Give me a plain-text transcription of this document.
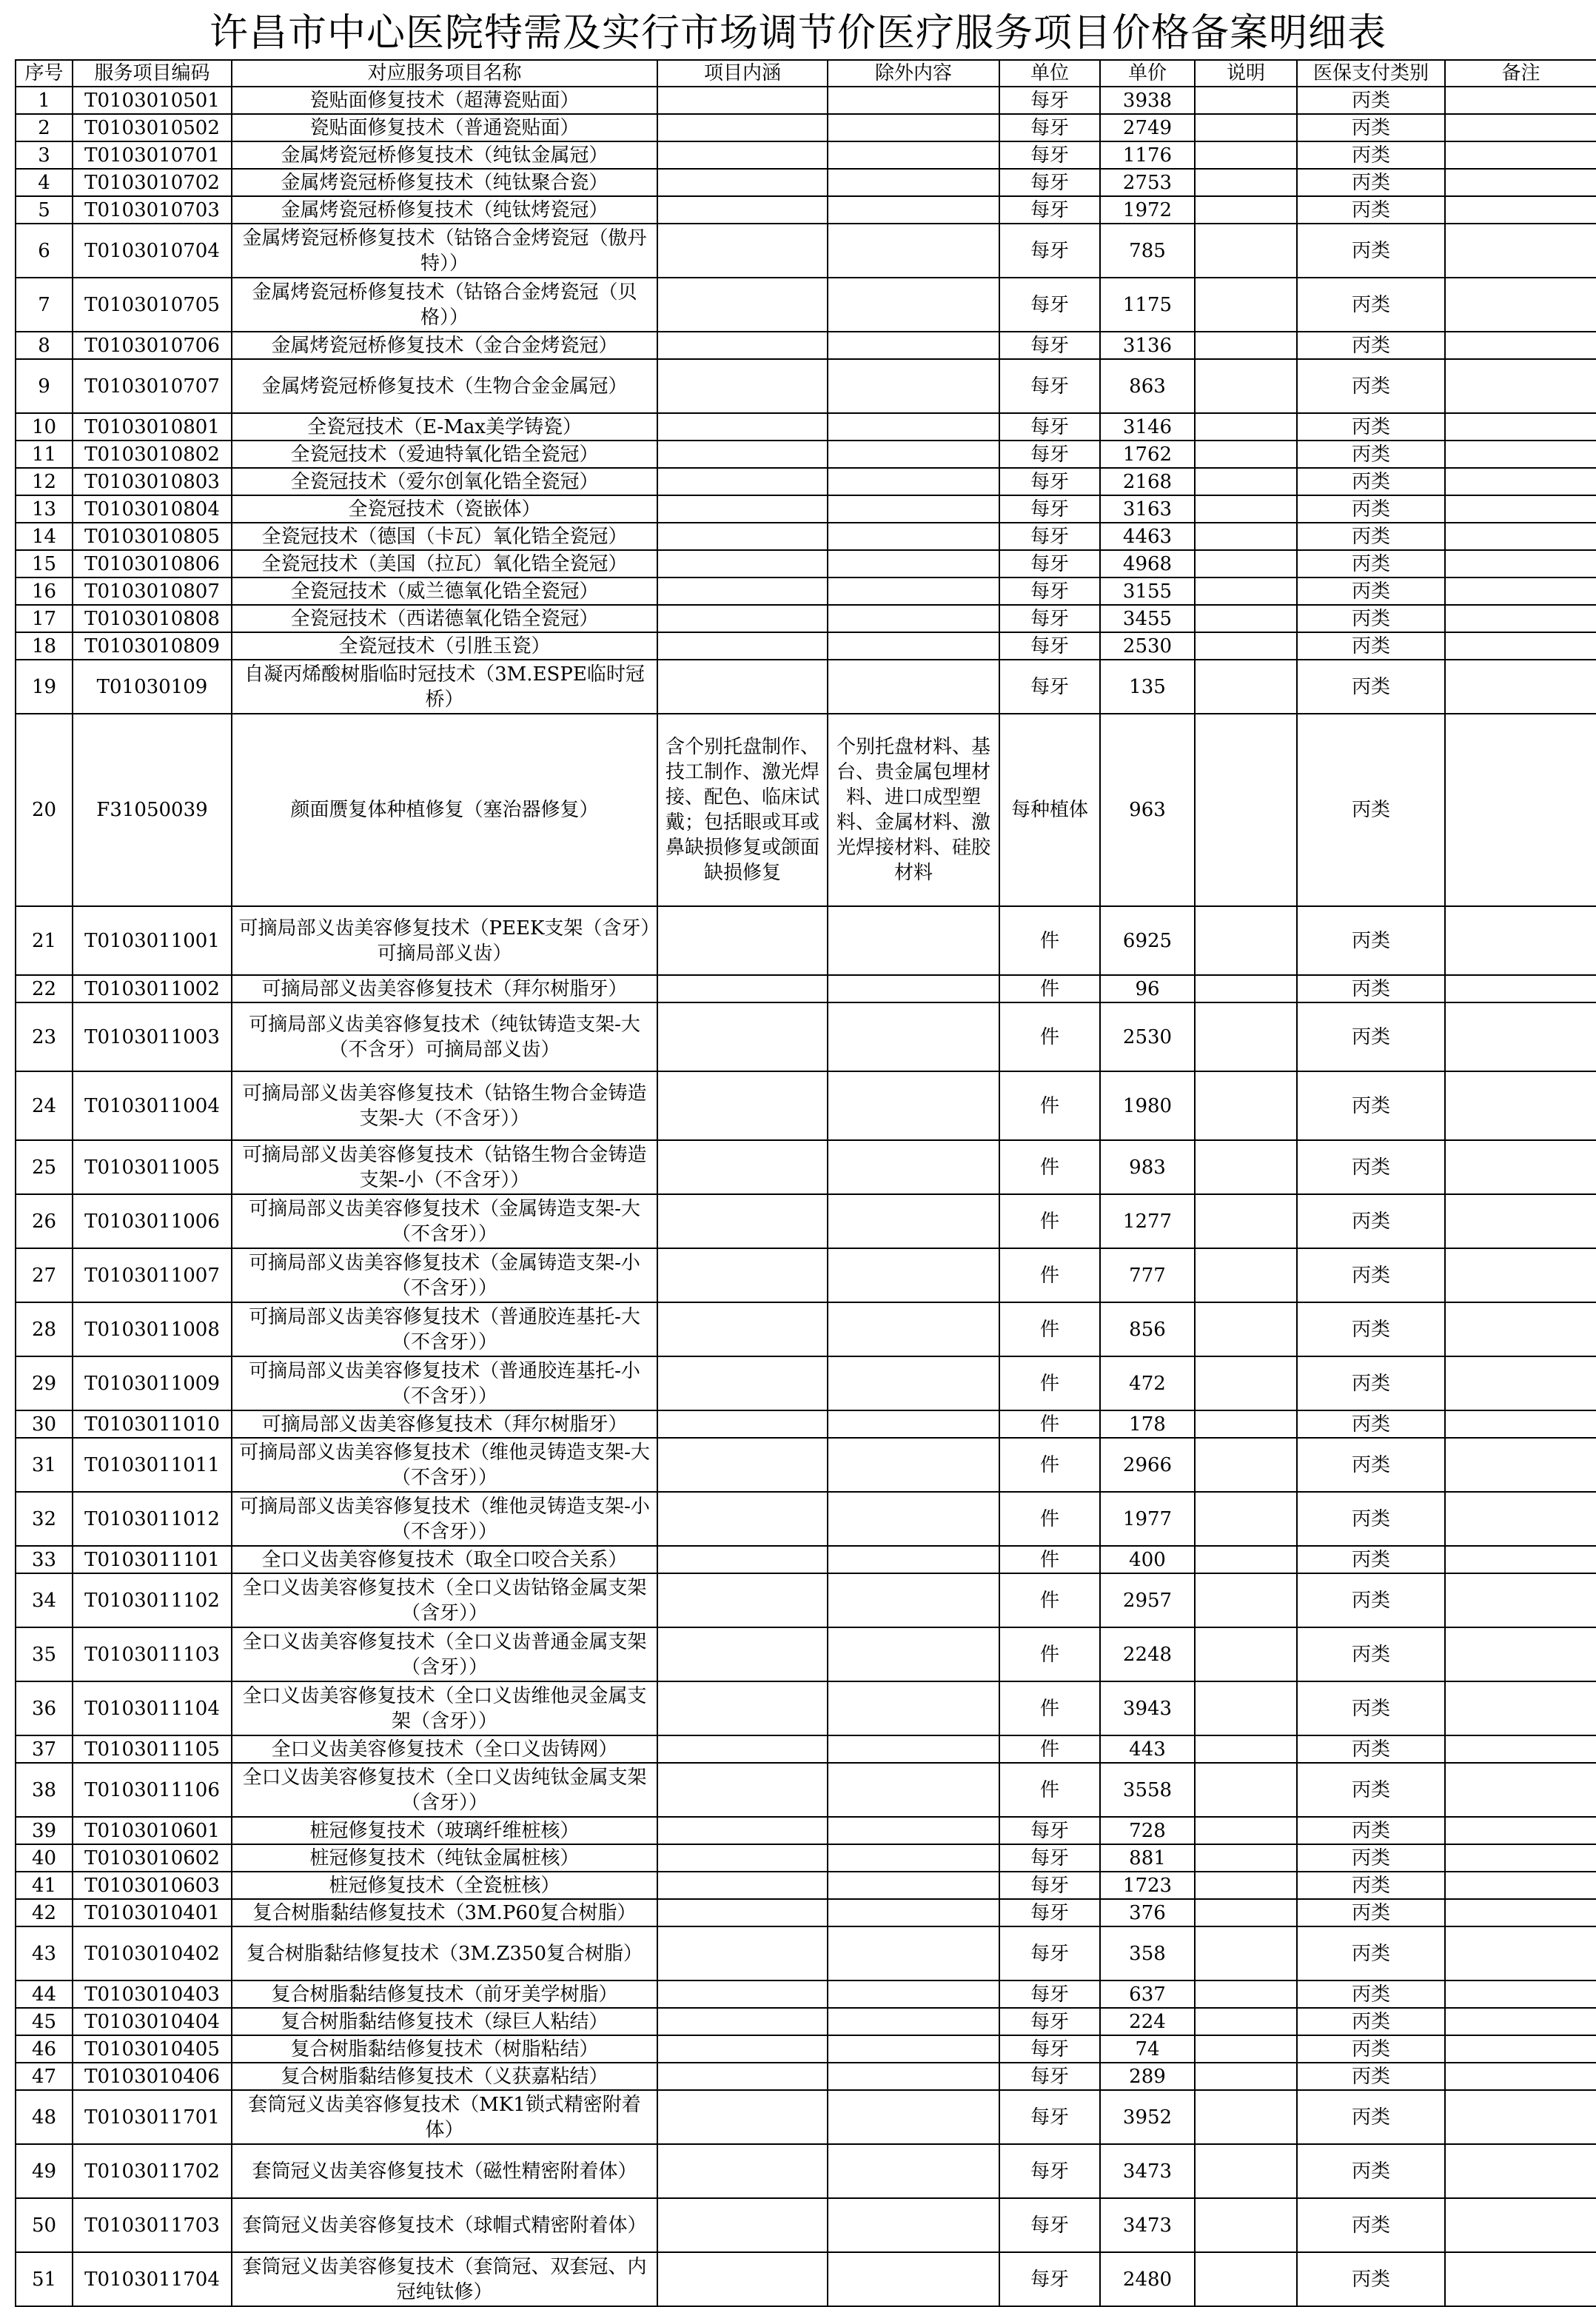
许昌市中心医院特需及实行市场调节价医疗服务项目价格备案明细表
序号	服务项目编码	对应服务项目名称	项目内涵	除外内容	单位	单价	说明	医保支付类别	备注
1	T0103010501	瓷贴面修复技术（超薄瓷贴面）			每牙	3938		丙类	
2	T0103010502	瓷贴面修复技术（普通瓷贴面）			每牙	2749		丙类	
3	T0103010701	金属烤瓷冠桥修复技术（纯钛金属冠）			每牙	1176		丙类	
4	T0103010702	金属烤瓷冠桥修复技术（纯钛聚合瓷）			每牙	2753		丙类	
5	T0103010703	金属烤瓷冠桥修复技术（纯钛烤瓷冠）			每牙	1972		丙类	
6	T0103010704	金属烤瓷冠桥修复技术（钴铬合金烤瓷冠（傲丹特））			每牙	785		丙类	
7	T0103010705	金属烤瓷冠桥修复技术（钴铬合金烤瓷冠（贝格））			每牙	1175		丙类	
8	T0103010706	金属烤瓷冠桥修复技术（金合金烤瓷冠）			每牙	3136		丙类	
9	T0103010707	金属烤瓷冠桥修复技术（生物合金金属冠）			每牙	863		丙类	
10	T0103010801	全瓷冠技术（E-Max美学铸瓷）			每牙	3146		丙类	
11	T0103010802	全瓷冠技术（爱迪特氧化锆全瓷冠）			每牙	1762		丙类	
12	T0103010803	全瓷冠技术（爱尔创氧化锆全瓷冠）			每牙	2168		丙类	
13	T0103010804	全瓷冠技术（瓷嵌体）			每牙	3163		丙类	
14	T0103010805	全瓷冠技术（德国（卡瓦）氧化锆全瓷冠）			每牙	4463		丙类	
15	T0103010806	全瓷冠技术（美国（拉瓦）氧化锆全瓷冠）			每牙	4968		丙类	
16	T0103010807	全瓷冠技术（威兰德氧化锆全瓷冠）			每牙	3155		丙类	
17	T0103010808	全瓷冠技术（西诺德氧化锆全瓷冠）			每牙	3455		丙类	
18	T0103010809	全瓷冠技术（引胜玉瓷）			每牙	2530		丙类	
19	T01030109	自凝丙烯酸树脂临时冠技术（3M.ESPE临时冠桥）			每牙	135		丙类	
20	F31050039	颜面赝复体种植修复（塞治器修复）	含个别托盘制作、技工制作、激光焊接、配色、临床试戴；包括眼或耳或鼻缺损修复或颌面缺损修复	个别托盘材料、基台、贵金属包埋材料、进口成型塑料、金属材料、激光焊接材料、硅胶材料	每种植体	963		丙类	
21	T0103011001	可摘局部义齿美容修复技术（PEEK支架（含牙）可摘局部义齿）			件	6925		丙类	
22	T0103011002	可摘局部义齿美容修复技术（拜尔树脂牙）			件	96		丙类	
23	T0103011003	可摘局部义齿美容修复技术（纯钛铸造支架-大（不含牙）可摘局部义齿）			件	2530		丙类	
24	T0103011004	可摘局部义齿美容修复技术（钴铬生物合金铸造支架-大（不含牙））			件	1980		丙类	
25	T0103011005	可摘局部义齿美容修复技术（钴铬生物合金铸造支架-小（不含牙））			件	983		丙类	
26	T0103011006	可摘局部义齿美容修复技术（金属铸造支架-大（不含牙））			件	1277		丙类	
27	T0103011007	可摘局部义齿美容修复技术（金属铸造支架-小（不含牙））			件	777		丙类	
28	T0103011008	可摘局部义齿美容修复技术（普通胶连基托-大（不含牙））			件	856		丙类	
29	T0103011009	可摘局部义齿美容修复技术（普通胶连基托-小（不含牙））			件	472		丙类	
30	T0103011010	可摘局部义齿美容修复技术（拜尔树脂牙）			件	178		丙类	
31	T0103011011	可摘局部义齿美容修复技术（维他灵铸造支架-大（不含牙））			件	2966		丙类	
32	T0103011012	可摘局部义齿美容修复技术（维他灵铸造支架-小（不含牙））			件	1977		丙类	
33	T0103011101	全口义齿美容修复技术（取全口咬合关系）			件	400		丙类	
34	T0103011102	全口义齿美容修复技术（全口义齿钴铬金属支架（含牙））			件	2957		丙类	
35	T0103011103	全口义齿美容修复技术（全口义齿普通金属支架（含牙））			件	2248		丙类	
36	T0103011104	全口义齿美容修复技术（全口义齿维他灵金属支架（含牙））			件	3943		丙类	
37	T0103011105	全口义齿美容修复技术（全口义齿铸网）			件	443		丙类	
38	T0103011106	全口义齿美容修复技术（全口义齿纯钛金属支架（含牙））			件	3558		丙类	
39	T0103010601	桩冠修复技术（玻璃纤维桩核）			每牙	728		丙类	
40	T0103010602	桩冠修复技术（纯钛金属桩核）			每牙	881		丙类	
41	T0103010603	桩冠修复技术（全瓷桩核）			每牙	1723		丙类	
42	T0103010401	复合树脂黏结修复技术（3M.P60复合树脂）			每牙	376		丙类	
43	T0103010402	复合树脂黏结修复技术（3M.Z350复合树脂）			每牙	358		丙类	
44	T0103010403	复合树脂黏结修复技术（前牙美学树脂）			每牙	637		丙类	
45	T0103010404	复合树脂黏结修复技术（绿巨人粘结）			每牙	224		丙类	
46	T0103010405	复合树脂黏结修复技术（树脂粘结）			每牙	74		丙类	
47	T0103010406	复合树脂黏结修复技术（义获嘉粘结）			每牙	289		丙类	
48	T0103011701	套筒冠义齿美容修复技术（MK1锁式精密附着体）			每牙	3952		丙类	
49	T0103011702	套筒冠义齿美容修复技术（磁性精密附着体）			每牙	3473		丙类	
50	T0103011703	套筒冠义齿美容修复技术（球帽式精密附着体）			每牙	3473		丙类	
51	T0103011704	套筒冠义齿美容修复技术（套筒冠、双套冠、内冠纯钛修）			每牙	2480		丙类	
